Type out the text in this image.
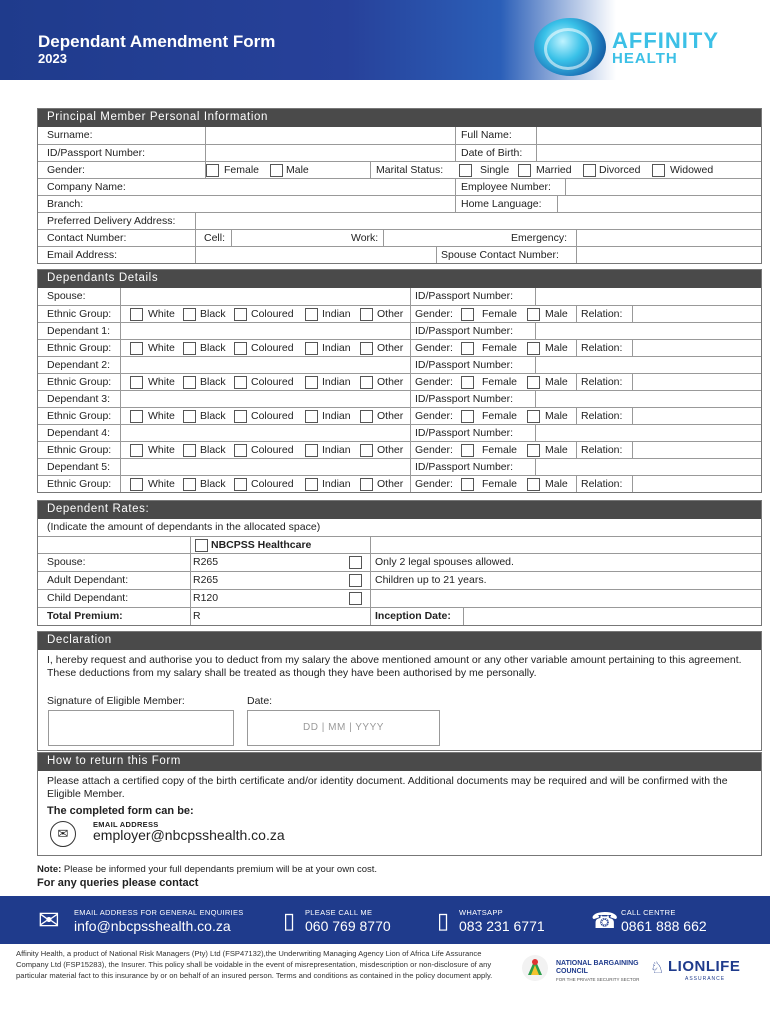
Dependant Amendment Form
2023
AFFINITY
HEALTH
Principal Member Personal Information
Surname:	Full Name:
ID/Passport Number:	Date of Birth:
Gender:	Female	Male	Marital Status:	Single	Married	Divorced	Widowed
Company Name:	Employee Number:
Branch:	Home Language:
Preferred Delivery Address:
Contact Number:	Cell:	Work:	Emergency:
Email Address:	Spouse Contact Number:
Dependants Details
Spouse:	ID/Passport Number:
Ethnic Group:	White Black Coloured	Indian	Other Gender:	Female	Male Relation:
Dependant 1:	ID/Passport Number:
Ethnic Group:	White Black Coloured	Indian	Other Gender:	Female	Male Relation:
Dependant 2:	ID/Passport Number:
Ethnic Group:	White Black Coloured	Indian	Other Gender:	Female	Male Relation:
Dependant 3:	ID/Passport Number:
Ethnic Group:	White Black Coloured	Indian	Other Gender:	Female	Male Relation:
Dependant 4:	ID/Passport Number:
Ethnic Group:	White Black Coloured	Indian	Other Gender:	Female	Male Relation:
Dependant 5:	ID/Passport Number:
Ethnic Group:	White Black Coloured	Indian	Other Gender:	Female	Male Relation:
Dependent Rates:
(Indicate the amount of dependants in the allocated space)
NBCPSS Healthcare
Spouse:	R265	Only 2 legal spouses allowed.
Adult Dependant:	R265	Children up to 21 years.
Child Dependant:	R120
Total Premium:	R	Inception Date:
Declaration
I, hereby request and authorise you to deduct from my salary the above mentioned amount or any other variable amount pertaining to this agreement. These deductions from my salary shall be treated as though they have been authorised by me personally.
Signature of Eligible Member:	Date:
DD | MM | YYYY
How to return this Form
Please attach a certified copy of the birth certificate and/or identity document. Additional documents may be required and will be confirmed with the Eligible Member.
The completed form can be:
✉
EMAIL ADDRESS
employer@nbcpsshealth.co.za
Note: Please be informed your full dependants premium will be at your own cost.
For any queries please contact
✉ EMAIL ADDRESS FOR GENERAL ENQUIRIES
info@nbcpsshealth.co.za ▯ PLEASE CALL ME
060 769 8770 ▯ WHATSAPP
083 231 6771 ☎ CALL CENTRE
0861 888 662
Affinity Health, a product of National Risk Managers (Pty) Ltd (FSP47132),the Underwriting Managing Agency Lion of Africa Life Assurance Company Ltd (FSP15283), the Insurer. This policy shall be voidable in the event of misrepresentation, misdescription or non-disclosure of any particular material fact to this insurance by or on behalf of an insured person. Terms and conditions as contained in the policy document apply.
NATIONAL BARGAINING
COUNCIL
FOR THE PRIVATE SECURITY SECTOR
♘ LIONLIFE
ASSURANCE
